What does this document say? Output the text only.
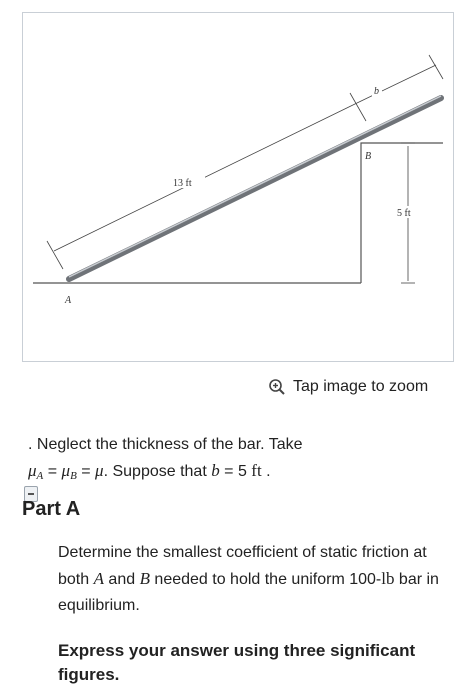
13 ft
b
5 ft
A
B
Tap image to zoom
. Neglect the thickness of the bar. Take
$\mu_A = \mu_B = \mu$. Suppose that b = 5 ft .
Part A
Determine the smallest coefficient of static friction at both A and B needed to hold the uniform 100-lb bar in equilibrium.
Express your answer using three significant figures.
